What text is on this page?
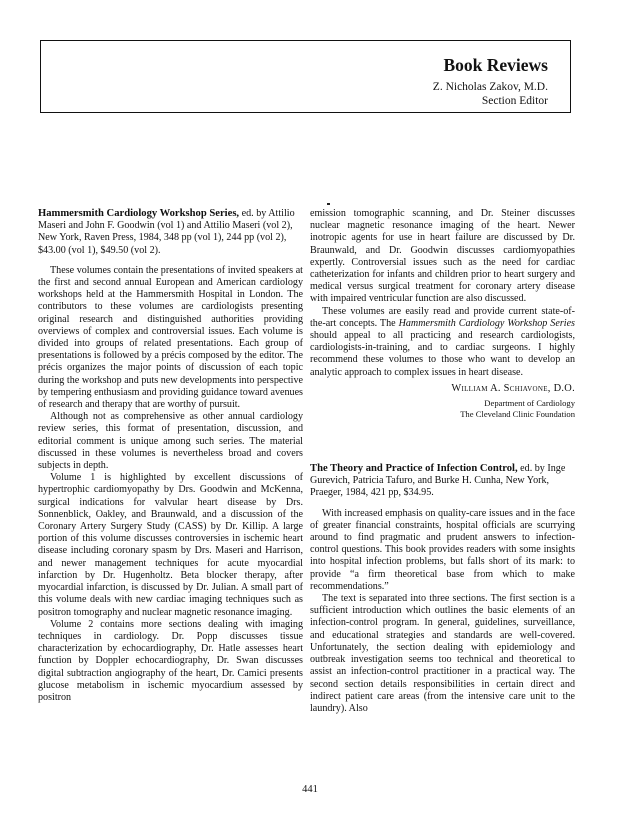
Book Reviews
Z. Nicholas Zakov, M.D.
Section Editor
Hammersmith Cardiology Workshop Series, ed. by Attilio Maseri and John F. Goodwin (vol 1) and Attilio Maseri (vol 2), New York, Raven Press, 1984, 348 pp (vol 1), 244 pp (vol 2), $43.00 (vol 1), $49.50 (vol 2).

These volumes contain the presentations of invited speakers at the first and second annual European and American cardiology workshops held at the Hammersmith Hospital in London. The contributors to these volumes are cardiologists presenting original research and distinguished authorities providing overviews of complex and controversial issues. Each volume is divided into groups of related presentations. Each group of presentations is followed by a précis composed by the editor. The précis organizes the major points of discussion of each topic during the workshop and puts new developments into perspective by tempering enthusiasm and providing guidance toward avenues of research and therapy that are worthy of pursuit.

Although not as comprehensive as other annual cardiology review series, this format of presentation, discussion, and editorial comment is unique among such series. The material discussed in these volumes is nevertheless broad and covers subjects in depth.

Volume 1 is highlighted by excellent discussions of hypertrophic cardiomyopathy by Drs. Goodwin and McKenna, surgical indications for valvular heart disease by Drs. Sonnenblick, Oakley, and Braunwald, and a discussion of the Coronary Artery Surgery Study (CASS) by Dr. Killip. A large portion of this volume discusses controversies in ischemic heart disease including coronary spasm by Drs. Maseri and Harrison, and newer management techniques for acute myocardial infarction by Dr. Hugenholtz. Beta blocker therapy, after myocardial infarction, is discussed by Dr. Julian. A small part of this volume deals with new cardiac imaging techniques such as positron tomography and nuclear magnetic resonance imaging.

Volume 2 contains more sections dealing with imaging techniques in cardiology. Dr. Popp discusses tissue characterization by echocardiography, Dr. Hatle assesses heart function by Doppler echocardiography, Dr. Swan discusses digital subtraction angiography of the heart, Dr. Camici presents glucose metabolism in ischemic myocardium assessed by positron

emission tomographic scanning, and Dr. Steiner discusses nuclear magnetic resonance imaging of the heart. Newer inotropic agents for use in heart failure are discussed by Dr. Braunwald, and Dr. Goodwin discusses cardiomyopathies expertly. Controversial issues such as the need for cardiac catheterization for infants and children prior to heart surgery and medical versus surgical treatment for coronary artery disease with impaired ventricular function are also discussed.

These volumes are easily read and provide current state-of-the-art concepts. The Hammersmith Cardiology Workshop Series should appeal to all practicing and research cardiologists, cardiologists-in-training, and to cardiac surgeons. I highly recommend these volumes to those who want to develop an analytic approach to complex issues in heart disease.

William A. Schiavone, D.O.
Department of Cardiology
The Cleveland Clinic Foundation
The Theory and Practice of Infection Control, ed. by Inge Gurevich, Patricia Tafuro, and Burke H. Cunha, New York, Praeger, 1984, 421 pp, $34.95.

With increased emphasis on quality-care issues and in the face of greater financial constraints, hospital officials are scurrying around to find pragmatic and prudent answers to infection-control questions. This book provides readers with some insights into hospital infection problems, but falls short of its mark: to provide “a firm theoretical base from which to make recommendations.”

The text is separated into three sections. The first section is a sufficient introduction which outlines the basic elements of an infection-control program. In general, guidelines, surveillance, and educational strategies and standards are well-covered. Unfortunately, the section dealing with epidemiology and outbreak investigation seems too technical and theoretical to assist an infection-control practitioner in a practical way. The second section details responsibilities in certain direct and indirect patient care areas (from the intensive care unit to the laundry). Also

441
